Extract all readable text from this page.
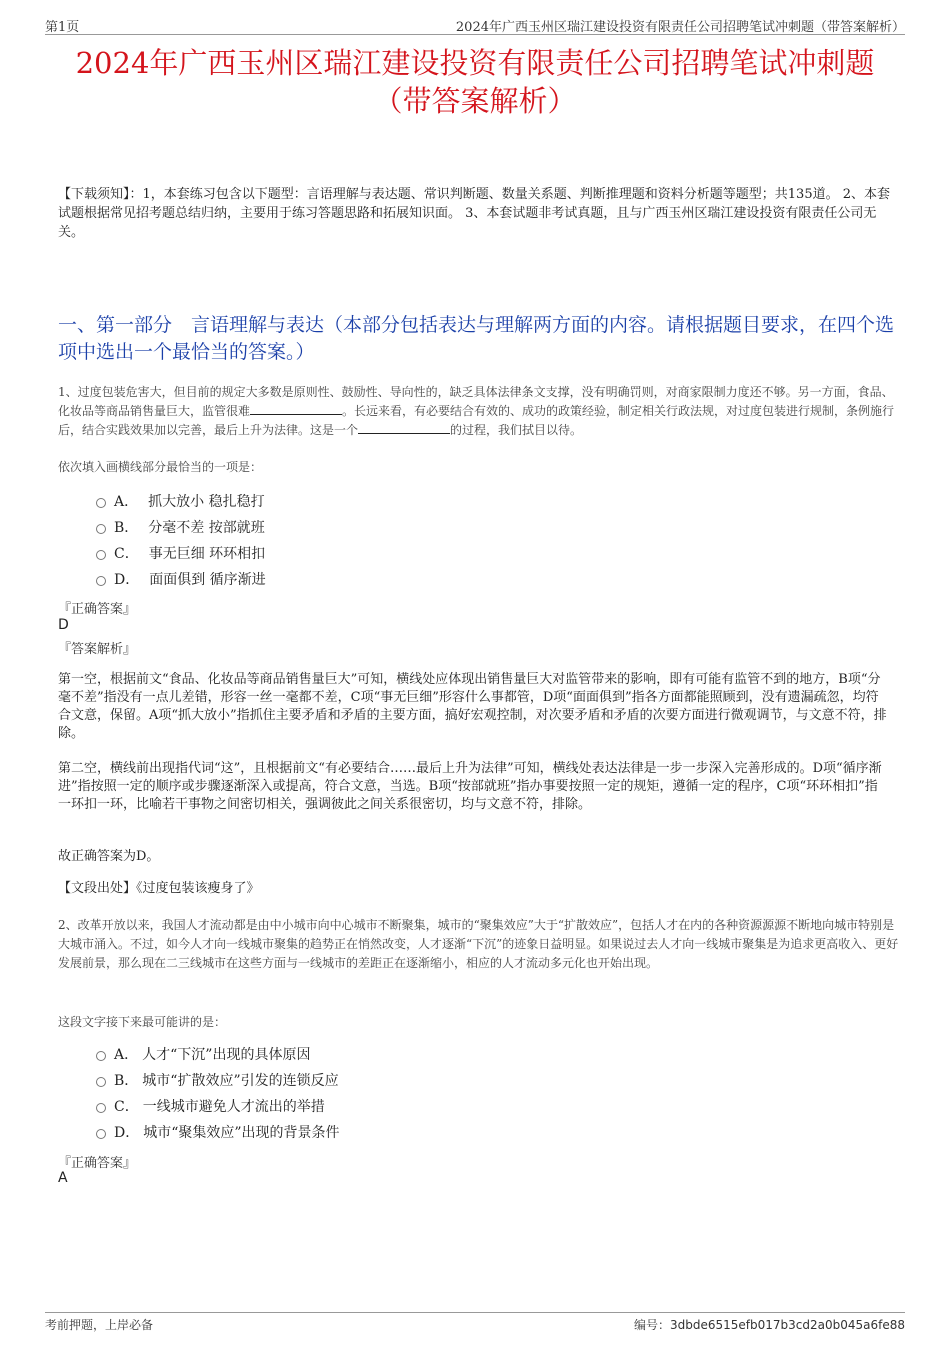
第1页	2024年广西玉州区瑞江建设投资有限责任公司招聘笔试冲刺题（带答案解析）
2024年广西玉州区瑞江建设投资有限责任公司招聘笔试冲刺题
（带答案解析）
【下载须知】：1，本套练习包含以下题型：言语理解与表达题、常识判断题、数量关系题、判断推理题和资料分析题等题型；共135道。 2、本套试题根据常见招考题总结归纳，主要用于练习答题思路和拓展知识面。 3、本套试题非考试真题，且与广西玉州区瑞江建设投资有限责任公司无关。
一、第一部分　言语理解与表达（本部分包括表达与理解两方面的内容。请根据题目要求，在四个选项中选出一个最恰当的答案。）
1、过度包装危害大，但目前的规定大多数是原则性、鼓励性、导向性的，缺乏具体法律条文支撑，没有明确罚则，对商家限制力度还不够。另一方面，食品、化妆品等商品销售量巨大，监管很难	。长远来看，有必要结合有效的、成功的政策经验，制定相关行政法规，对过度包装进行规制，条例施行后，结合实践效果加以完善，最后上升为法律。这是一个	的过程，我们拭目以待。
依次填入画横线部分最恰当的一项是：
A． 抓大放小 稳扎稳打
B． 分毫不差 按部就班
C． 事无巨细 环环相扣
D． 面面俱到 循序渐进
『正确答案』
D
『答案解析』
第一空，根据前文“食品、化妆品等商品销售量巨大”可知，横线处应体现出销售量巨大对监管带来的影响，即有可能有监管不到的地方，B项“分毫不差”指没有一点儿差错，形容一丝一毫都不差，C项“事无巨细”形容什么事都管，D项“面面俱到”指各方面都能照顾到，没有遗漏疏忽，均符合文意，保留。A项“抓大放小”指抓住主要矛盾和矛盾的主要方面，搞好宏观控制，对次要矛盾和矛盾的次要方面进行微观调节，与文意不符，排除。
第二空，横线前出现指代词“这”，且根据前文“有必要结合……最后上升为法律”可知，横线处表达法律是一步一步深入完善形成的。D项“循序渐进”指按照一定的顺序或步骤逐渐深入或提高，符合文意，当选。B项“按部就班”指办事要按照一定的规矩，遵循一定的程序，C项“环环相扣”指一环扣一环，比喻若干事物之间密切相关，强调彼此之间关系很密切，均与文意不符，排除。
故正确答案为D。
【文段出处】《过度包装该瘦身了》
2、改革开放以来，我国人才流动都是由中小城市向中心城市不断聚集，城市的“聚集效应”大于“扩散效应”，包括人才在内的各种资源源源不断地向城市特别是大城市涌入。不过，如今人才向一线城市聚集的趋势正在悄然改变，人才逐渐“下沉”的迹象日益明显。如果说过去人才向一线城市聚集是为追求更高收入、更好发展前景，那么现在二三线城市在这些方面与一线城市的差距正在逐渐缩小，相应的人才流动多元化也开始出现。
这段文字接下来最可能讲的是：
A． 人才“下沉”出现的具体原因
B． 城市“扩散效应”引发的连锁反应
C． 一线城市避免人才流出的举措
D． 城市“聚集效应”出现的背景条件
『正确答案』
A
考前押题，上岸必备	编号：3dbde6515efb017b3cd2a0b045a6fe88
